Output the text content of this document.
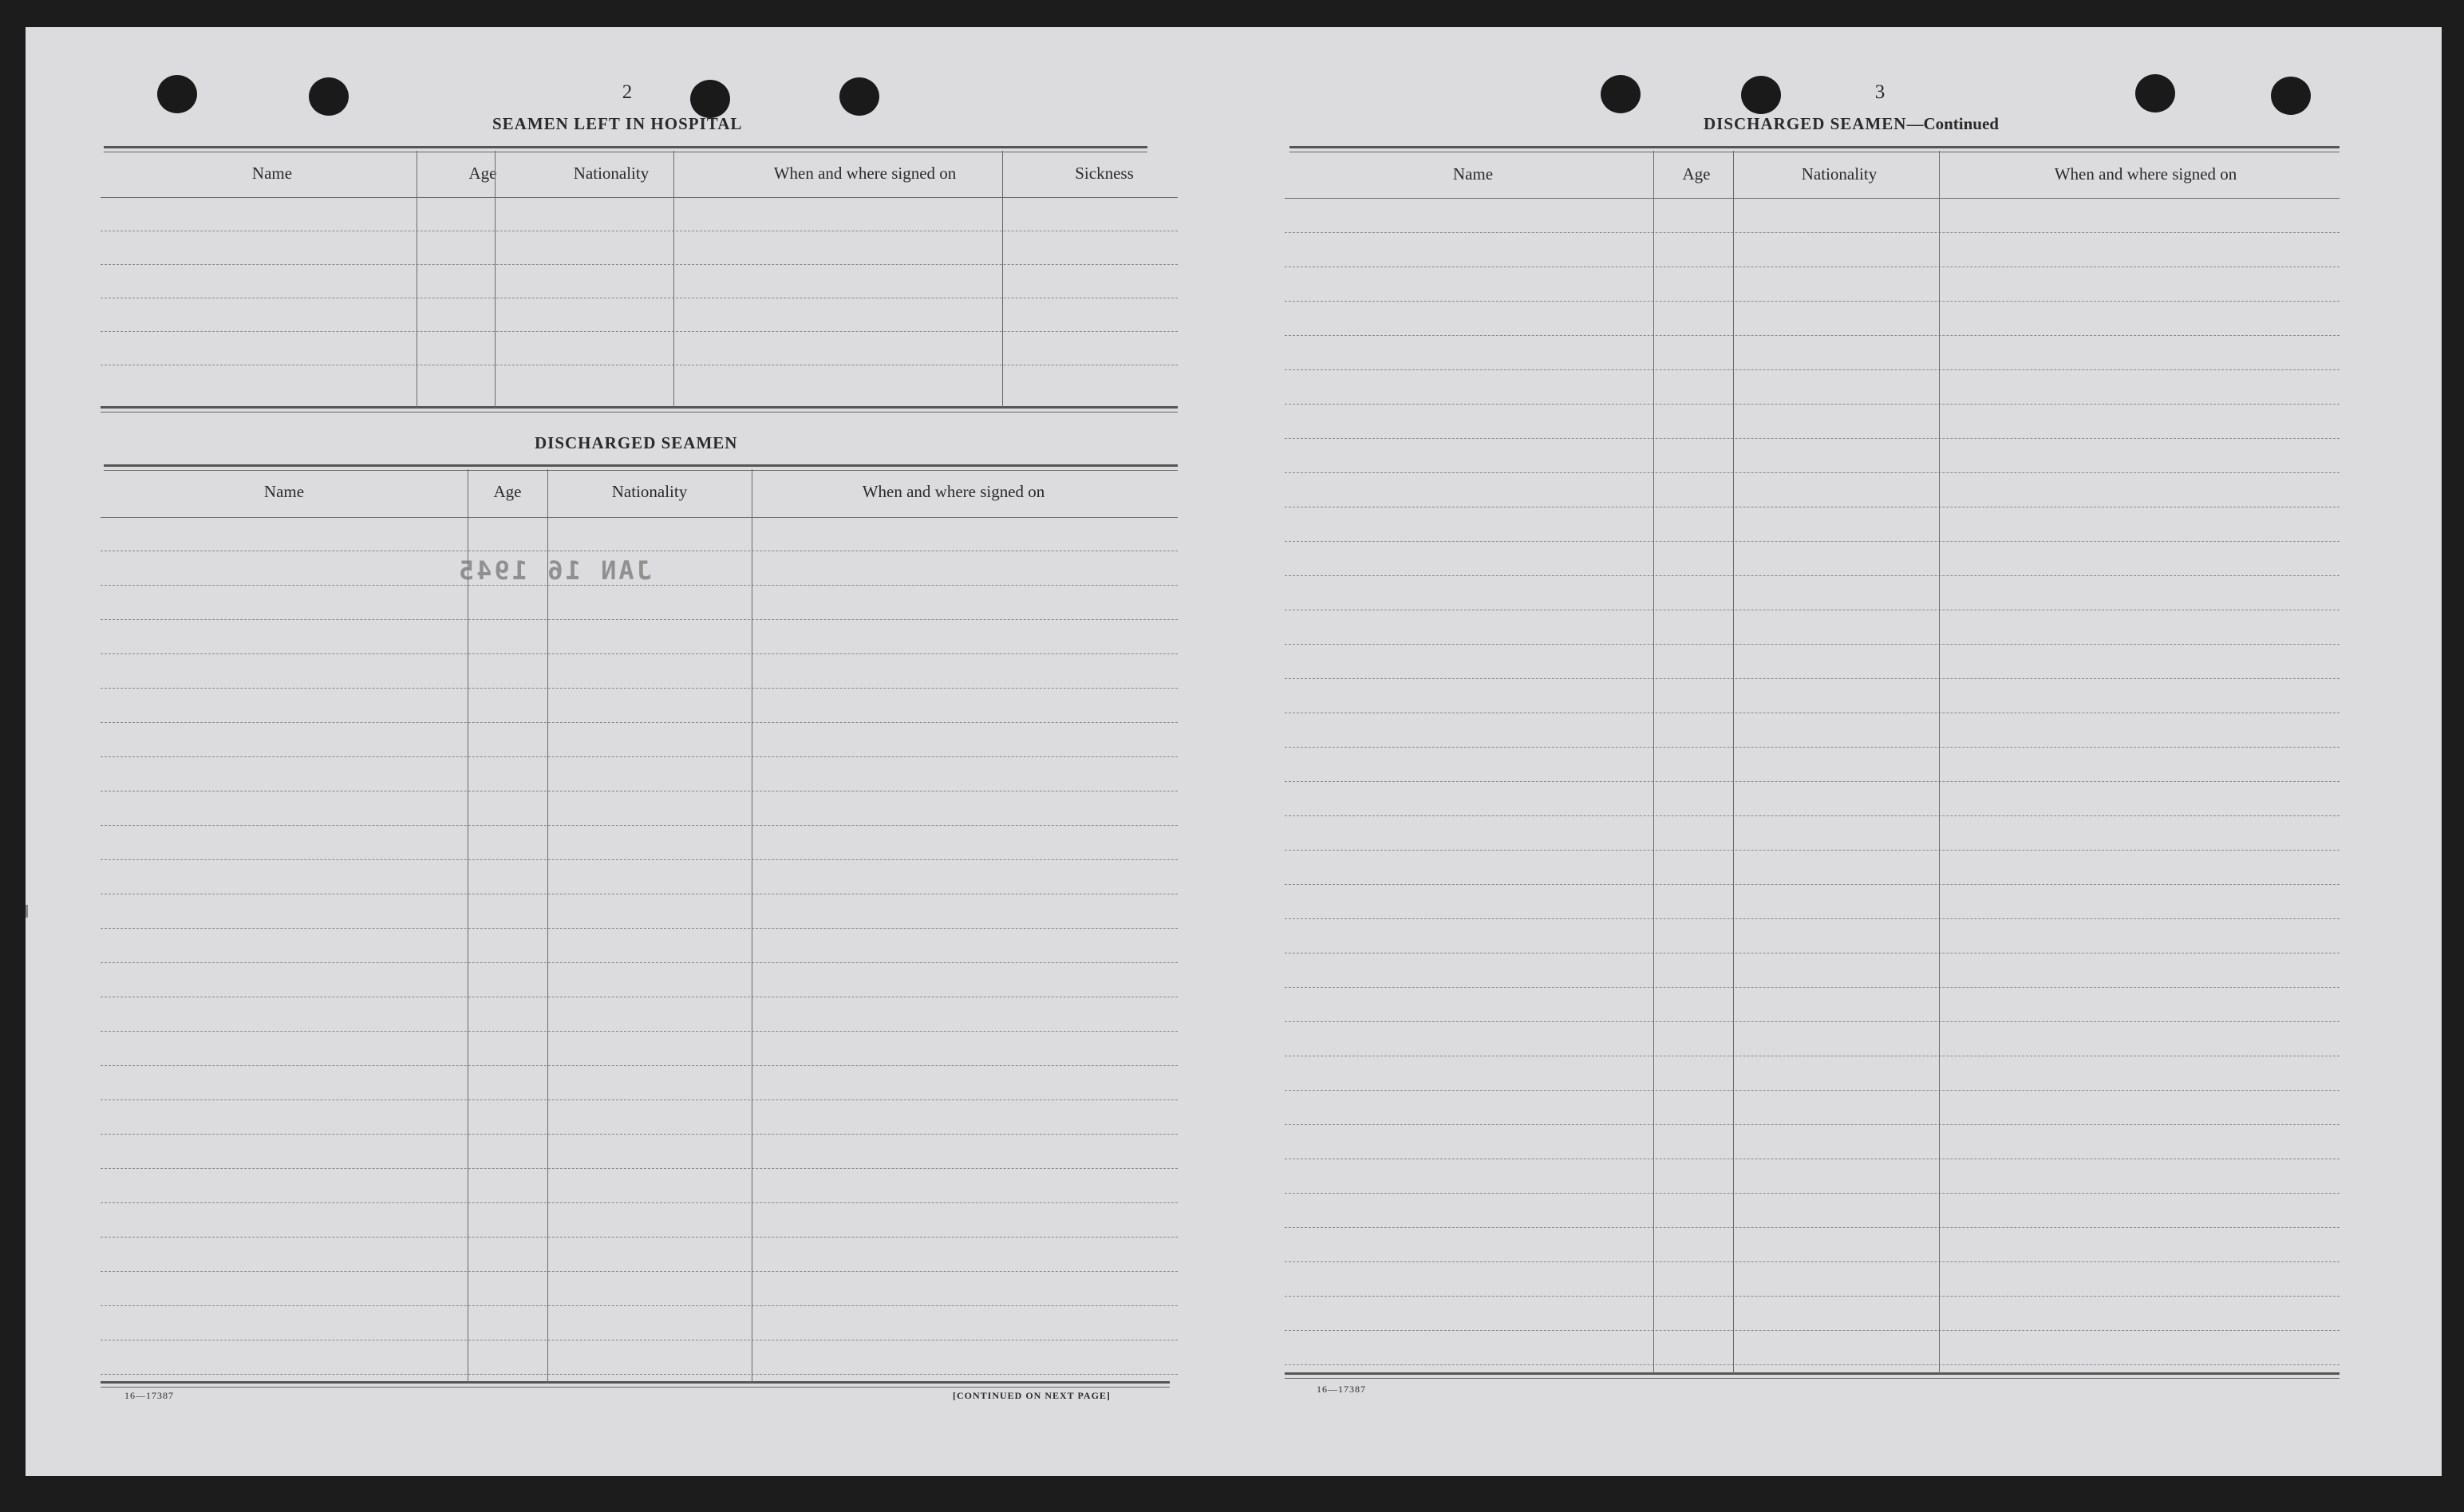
2
SEAMEN LEFT IN HOSPITAL
Name	Age	Nationality	When and where signed on	Sickness
DISCHARGED SEAMEN
Name	Age	Nationality	When and where signed on
JAN 16 1945
16—17387	[CONTINUED ON NEXT PAGE]
3
DISCHARGED SEAMEN—Continued
Name	Age	Nationality	When and where signed on
16—17387
